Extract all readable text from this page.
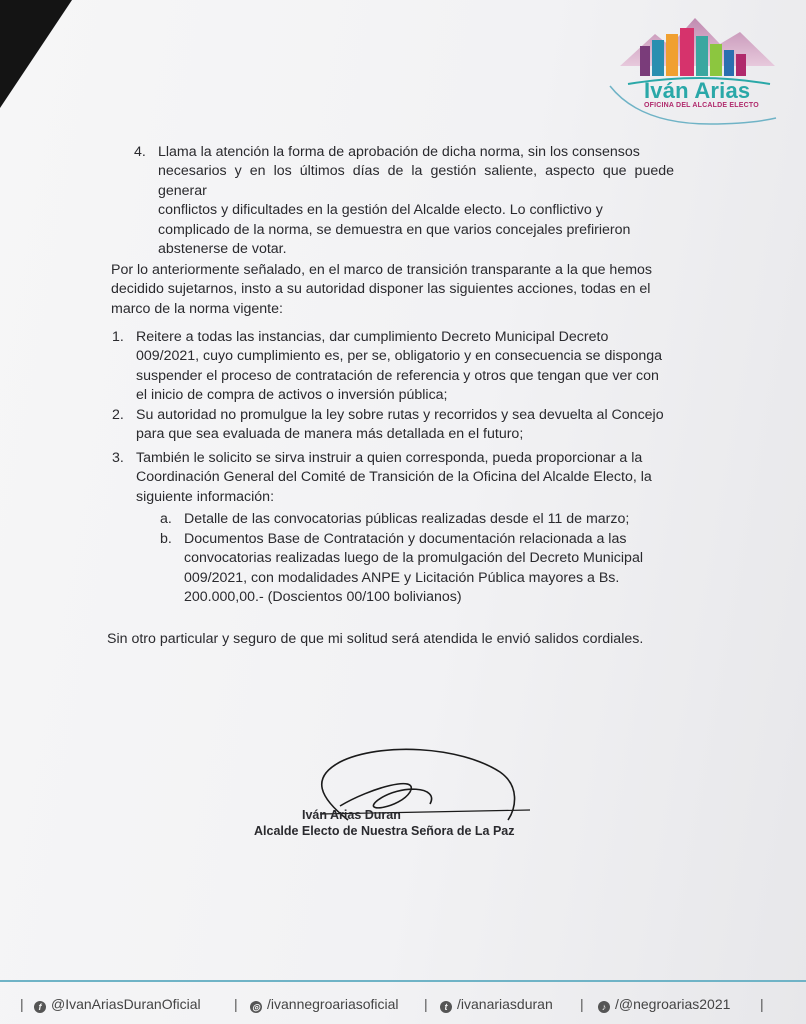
Iván Arias
OFICINA DEL ALCALDE ELECTO
4. Llama la atención la forma de aprobación de dicha norma, sin los consensos
necesarios y en los últimos días de la gestión saliente, aspecto que puede generar
conflictos y dificultades en la gestión del Alcalde electo. Lo conflictivo y
complicado de la norma, se demuestra en que varios concejales prefirieron
abstenerse de votar.
Por lo anteriormente señalado, en el marco de transición transparante a la que hemos
decidido sujetarnos, insto a su autoridad disponer las siguientes acciones, todas en el
marco de la norma vigente:
1. Reitere a todas las instancias, dar cumplimiento Decreto Municipal Decreto
009/2021, cuyo cumplimiento es, per se, obligatorio y en consecuencia se disponga
suspender el proceso de contratación de referencia y otros que tengan que ver con
el inicio de compra de activos o inversión pública;
2. Su autoridad no promulgue la ley sobre rutas y recorridos y sea devuelta al Concejo
para que sea evaluada de manera más detallada en el futuro;
3. También le solicito se sirva instruir a quien corresponda, pueda proporcionar a la
Coordinación General del Comité de Transición de la Oficina del Alcalde Electo, la
siguiente información:
a. Detalle de las convocatorias públicas realizadas desde el 11 de marzo;
b. Documentos Base de Contratación y documentación relacionada a las
convocatorias realizadas luego de la promulgación del Decreto Municipal
009/2021, con modalidades ANPE y Licitación Pública mayores a Bs.
200.000,00.- (Doscientos 00/100 bolivianos)
Sin otro particular y seguro de que mi solitud será atendida le envió salidos cordiales.
Iván Arias Duran
Alcalde Electo de Nuestra Señora de La Paz
|	f @IvanAriasDuranOficial | ◎ /ivannegroariasoficial |	t /ivanariasduran |	♪ /@negroarias2021 |
